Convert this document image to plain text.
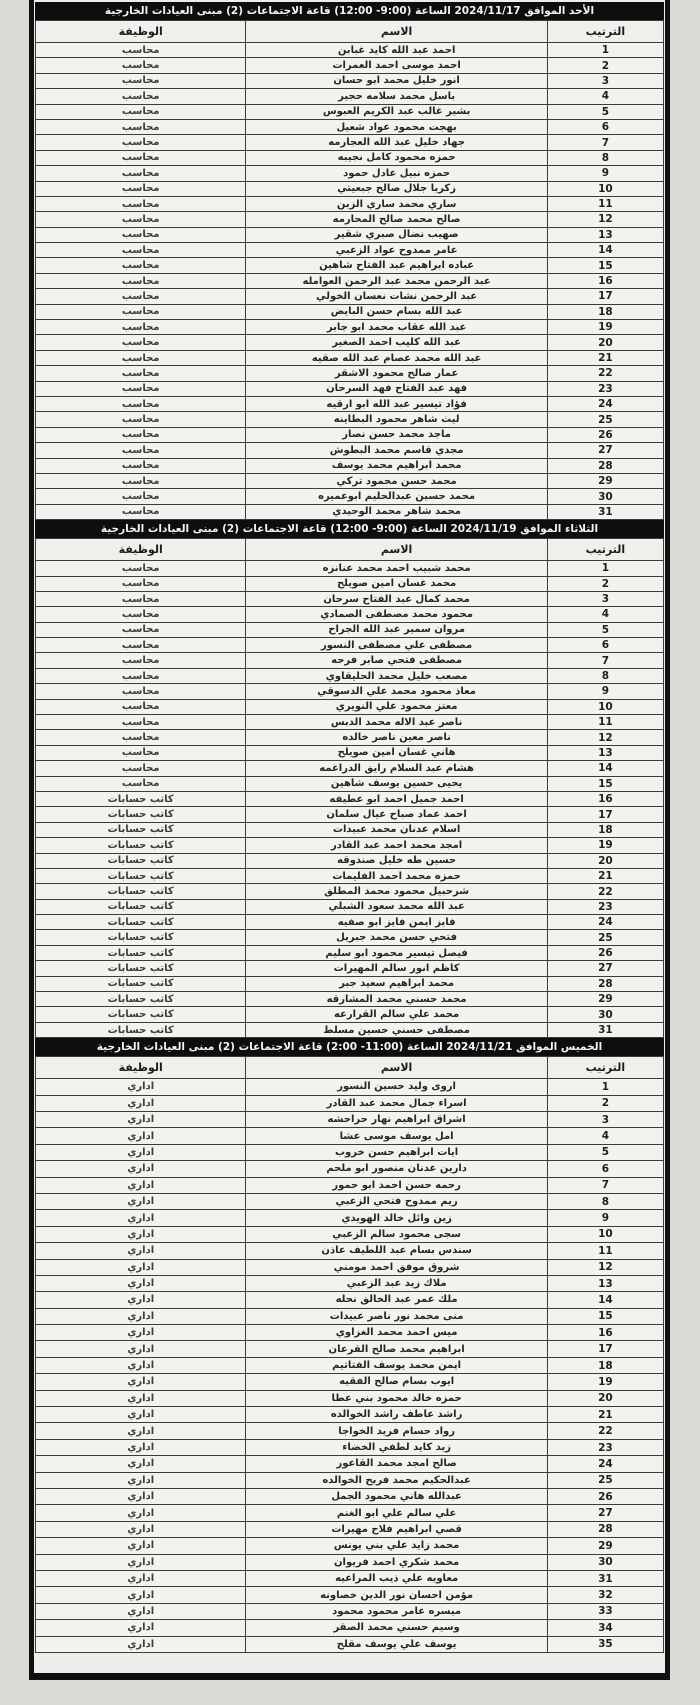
الأحد الموافق 2024/11/17 الساعة (9:00- 12:00) قاعة الاجتماعات (2) مبنى العيادات الخارجية
الترتيب	الاسم	الوظيفة
1	احمد عبد الله كايد غبابن	محاسب
2	احمد موسى احمد العمرات	محاسب
3	انور خليل محمد ابو حسان	محاسب
4	باسل محمد سلامه حجير	محاسب
5	بشير غالب عبد الكريم العبوس	محاسب
6	بهجت محمود عواد شعيل	محاسب
7	جهاد خليل عبد الله العجارمه	محاسب
8	حمزه محمود كامل نجيبه	محاسب
9	حمزه نبيل عادل حمود	محاسب
10	زكريا جلال صالح جبعيتي	محاسب
11	ساري محمد ساري الزبن	محاسب
12	صالح محمد صالح المحارمه	محاسب
13	صهيب نضال صبري شقير	محاسب
14	عامر ممدوح عواد الزعبي	محاسب
15	عباده ابراهيم عبد الفتاح شاهين	محاسب
16	عبد الرحمن محمد عبد الرحمن العوامله	محاسب
17	عبد الرحمن نشات نعسان الخولي	محاسب
18	عبد الله بسام حسن البايض	محاسب
19	عبد الله عقاب محمد ابو جابر	محاسب
20	عبد الله كليب احمد الصغير	محاسب
21	عبد الله محمد عصام عبد الله صقيه	محاسب
22	عمار صالح محمود الاشقر	محاسب
23	فهد عبد الفتاح فهد السرحان	محاسب
24	فؤاد تيسير عبد الله ابو ارقيه	محاسب
25	ليث شاهر محمود البطاينه	محاسب
26	ماجد محمد حسن نصار	محاسب
27	مجدي قاسم محمد البطوش	محاسب
28	محمد ابراهيم محمد يوسف	محاسب
29	محمد حسن محمود تركي	محاسب
30	محمد حسين عبدالحليم ابوعميره	محاسب
31	محمد شاهر محمد الوحيدي	محاسب
الثلاثاء الموافق 2024/11/19 الساعة (9:00- 12:00) قاعة الاجتماعات (2) مبنى العيادات الخارجية
الترتيب	الاسم	الوظيفة
1	محمد شبيب احمد محمد عنانزه	محاسب
2	محمد غسان امين صويلح	محاسب
3	محمد كمال عبد الفتاح سرحان	محاسب
4	محمود محمد مصطفى الصمادي	محاسب
5	مروان سمير عبد الله الجراح	محاسب
6	مصطفى علي مصطفى النسور	محاسب
7	مصطفى فتحي صابر فرحه	محاسب
8	مصعب خليل محمد الحليقاوي	محاسب
9	معاذ محمود محمد علي الدسوقي	محاسب
10	معتز محمود علي النويري	محاسب
11	ناصر عبد الاله محمد الدبس	محاسب
12	ناصر معين ناصر خالده	محاسب
13	هاني غسان امين صويلح	محاسب
14	هشام عبد السلام رايق الدراغمه	محاسب
15	يحيى حسين يوسف شاهين	محاسب
16	احمد جميل احمد ابو عطيفه	كاتب حسابات
17	احمد عماد صباح عيال سلمان	كاتب حسابات
18	اسلام عدنان محمد عبيدات	كاتب حسابات
19	امجد محمد احمد عبد القادر	كاتب حسابات
20	حسين طه خليل صندوقه	كاتب حسابات
21	حمزه محمد احمد الفليمات	كاتب حسابات
22	شرحبيل محمود محمد المطلق	كاتب حسابات
23	عبد الله محمد سعود الشبلي	كاتب حسابات
24	فايز ايمن فايز ابو صفيه	كاتب حسابات
25	فتحي حسن محمد جبريل	كاتب حسابات
26	فيصل تيسير محمود ابو سليم	كاتب حسابات
27	كاظم انور سالم المهيرات	كاتب حسابات
28	محمد ابراهيم سعيد جبر	كاتب حسابات
29	محمد حسني محمد المشارقه	كاتب حسابات
30	محمد علي سالم القرارعه	كاتب حسابات
31	مصطفى حسني حسين مسلط	كاتب حسابات
الخميس الموافق 2024/11/21 الساعة (11:00- 2:00) قاعة الاجتماعات (2) مبنى العيادات الخارجية
الترتيب	الاسم	الوظيفة
1	اروى وليد حسين النسور	اداري
2	اسراء جمال محمد عبد القادر	اداري
3	اشراق ابراهيم نهار حراحشه	اداري
4	امل يوسف موسى عشا	اداري
5	ايات ابراهيم حسن خروب	اداري
6	دارين عدنان منصور ابو ملحم	اداري
7	رحمه حسن احمد ابو حمور	اداري
8	ريم ممدوح فتحي الزعبي	اداري
9	زين وائل خالد الهويدي	اداري
10	سجى محمود سالم الزعبي	اداري
11	سندس بسام عبد اللطيف عاذن	اداري
12	شروق موفق احمد مومني	اداري
13	ملاك زيد عبد الزعبي	اداري
14	ملك عمر عبد الخالق نحله	اداري
15	منى محمد نور ناصر عبيدات	اداري
16	ميس احمد محمد الغزاوي	اداري
17	ابراهيم محمد صالح القرعان	اداري
18	ايمن محمد يوسف الفتاتيم	اداري
19	ايوب بسام صالح الفقيه	اداري
20	حمزه خالد محمود بني عطا	اداري
21	راشد عاطف راشد الخوالده	اداري
22	رواد حسام فريد الخواجا	اداري
23	زيد كايد لطفي الخضاء	اداري
24	صالح امجد محمد القاعور	اداري
25	عبدالحكيم محمد فريح الخوالده	اداري
26	عبدالله هاني محمود الجمل	اداري
27	علي سالم علي ابو الغنم	اداري
28	قصي ابراهيم فلاح مهيرات	اداري
29	محمد زايد علي بني يونس	اداري
30	محمد شكري احمد فريوان	اداري
31	معاويه علي ذيب المراعيه	اداري
32	مؤمن احسان نور الدين خصاونه	اداري
33	ميسره عامر محمود محمود	اداري
34	وسيم حسني محمد الصقر	اداري
35	يوسف علي يوسف مقلح	اداري
